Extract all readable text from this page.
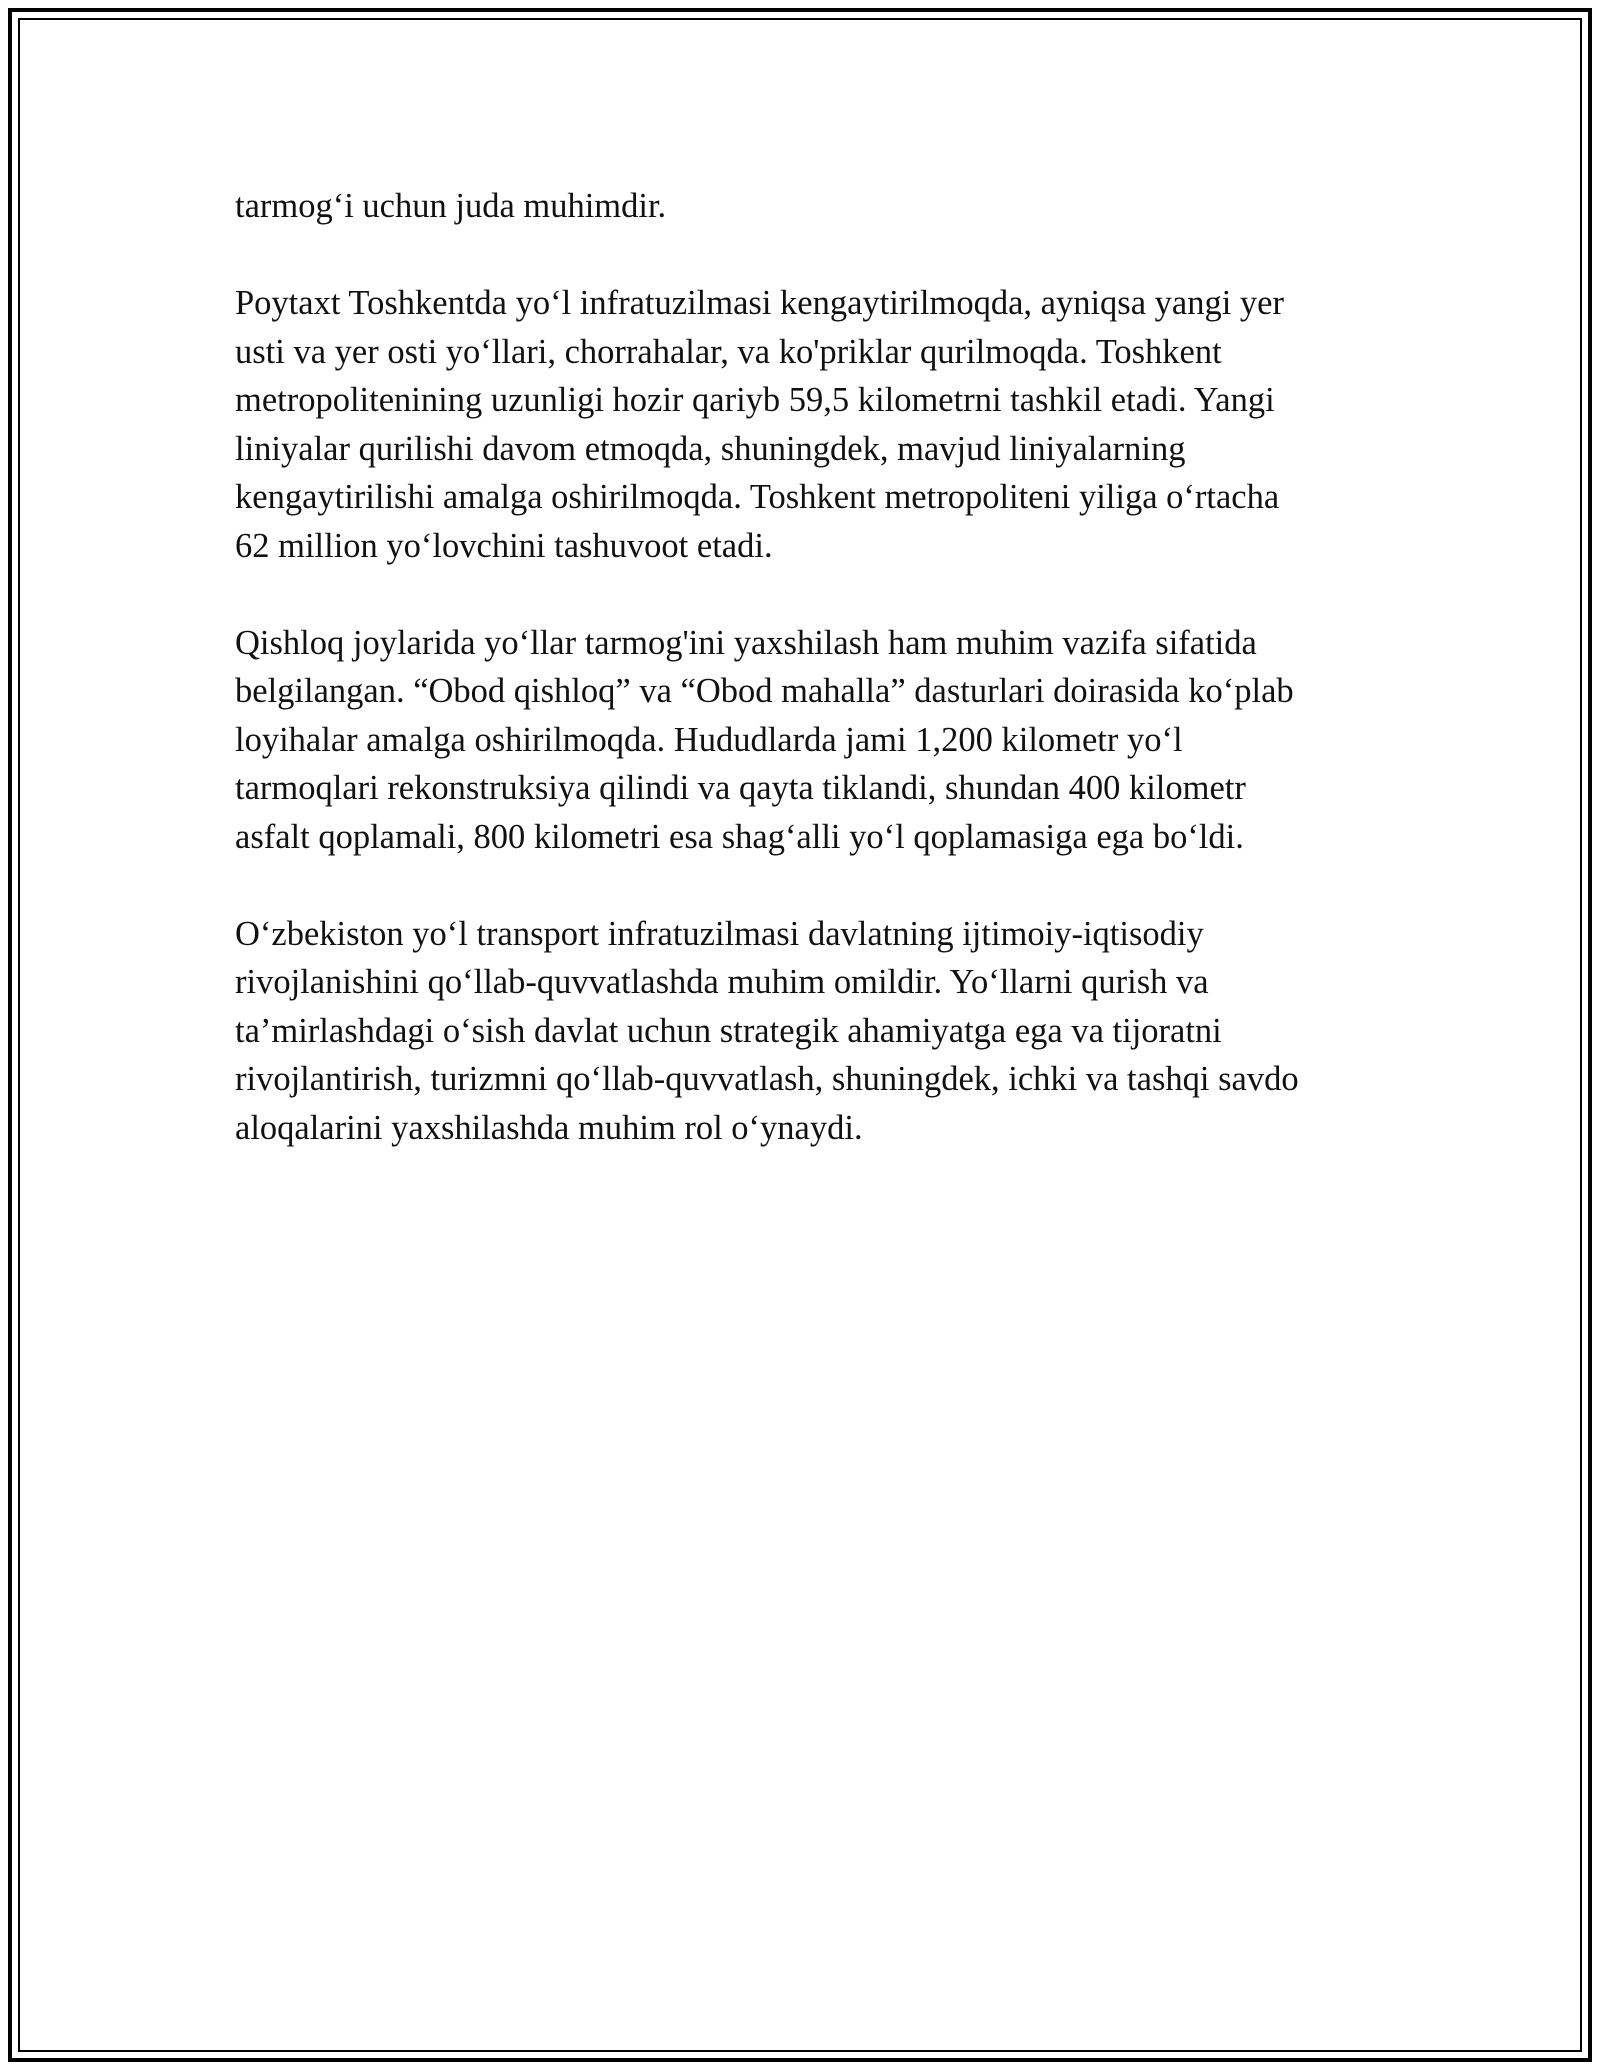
tarmog‘i uchun juda muhimdir.

Poytaxt Toshkentda yo‘l infratuzilmasi kengaytirilmoqda, ayniqsa yangi yer
usti va yer osti yo‘llari, chorrahalar, va ko'priklar qurilmoqda. Toshkent
metropolitenining uzunligi hozir qariyb 59,5 kilometrni tashkil etadi. Yangi
liniyalar qurilishi davom etmoqda, shuningdek, mavjud liniyalarning
kengaytirilishi amalga oshirilmoqda. Toshkent metropoliteni yiliga o‘rtacha
62 million yo‘lovchini tashuvoot etadi.

Qishloq joylarida yo‘llar tarmog'ini yaxshilash ham muhim vazifa sifatida
belgilangan. “Obod qishloq” va “Obod mahalla” dasturlari doirasida ko‘plab
loyihalar amalga oshirilmoqda. Hududlarda jami 1,200 kilometr yo‘l
tarmoqlari rekonstruksiya qilindi va qayta tiklandi, shundan 400 kilometr
asfalt qoplamali, 800 kilometri esa shag‘alli yo‘l qoplamasiga ega bo‘ldi.

O‘zbekiston yo‘l transport infratuzilmasi davlatning ijtimoiy-iqtisodiy
rivojlanishini qo‘llab-quvvatlashda muhim omildir. Yo‘llarni qurish va
ta’mirlashdagi o‘sish davlat uchun strategik ahamiyatga ega va tijoratni
rivojlantirish, turizmni qo‘llab-quvvatlash, shuningdek, ichki va tashqi savdo
aloqalarini yaxshilashda muhim rol o‘ynaydi.
